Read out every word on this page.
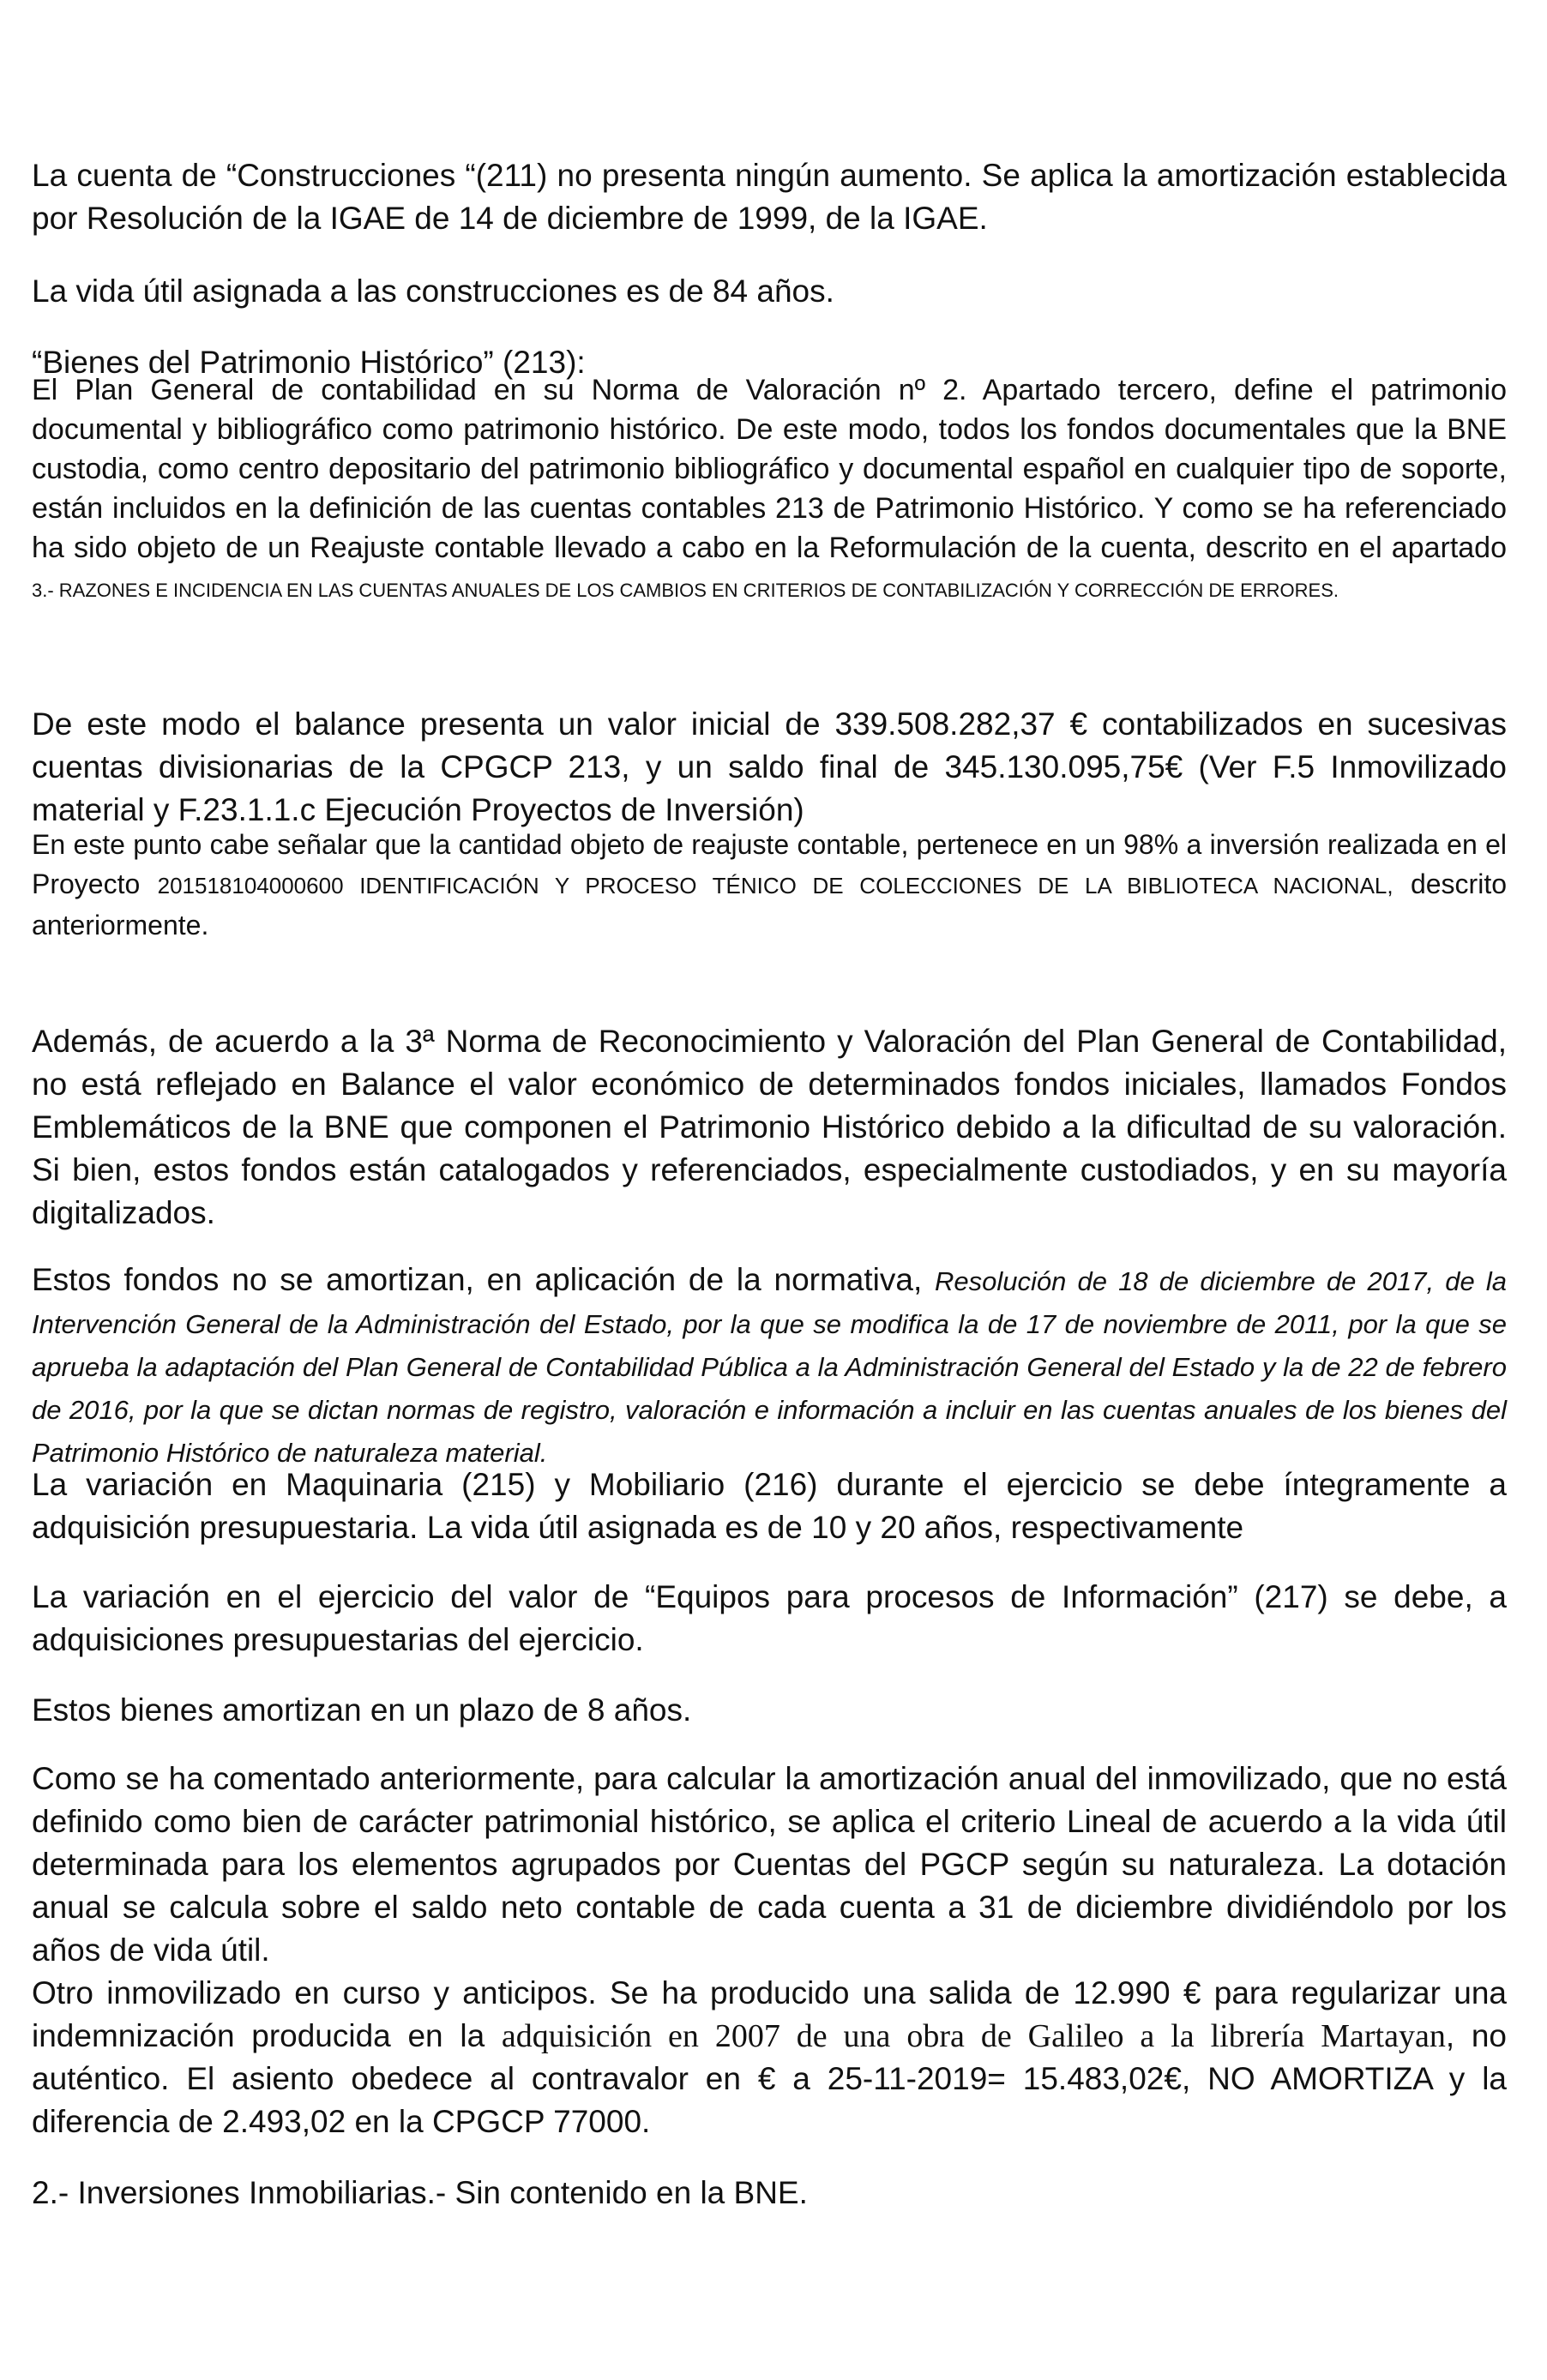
La cuenta de “Construcciones “(211) no presenta ningún aumento. Se aplica la amortización establecida por Resolución de la IGAE de 14 de diciembre de 1999, de la IGAE.

La vida útil asignada a las construcciones es de 84 años.

“Bienes del Patrimonio Histórico” (213):

El Plan General de contabilidad en su Norma de Valoración nº 2. Apartado tercero, define el patrimonio documental y bibliográfico como patrimonio histórico. De este modo, todos los fondos documentales que la BNE custodia, como centro depositario del patrimonio bibliográfico y documental español en cualquier tipo de soporte, están incluidos en la definición de las cuentas contables 213 de Patrimonio Histórico. Y como se ha referenciado ha sido objeto de un Reajuste contable llevado a cabo en la Reformulación de la cuenta, descrito en el apartado 3.- RAZONES E INCIDENCIA EN LAS CUENTAS ANUALES DE LOS CAMBIOS EN CRITERIOS DE CONTABILIZACIÓN Y CORRECCIÓN DE ERRORES.

De este modo el balance presenta un valor inicial de 339.508.282,37 € contabilizados en sucesivas cuentas divisionarias de la CPGCP 213, y un saldo final de 345.130.095,75€ (Ver F.5 Inmovilizado material y F.23.1.1.c Ejecución Proyectos de Inversión)

En este punto cabe señalar que la cantidad objeto de reajuste contable, pertenece en un 98% a inversión realizada en el Proyecto 201518104000600 IDENTIFICACIÓN Y PROCESO TÉNICO DE COLECCIONES DE LA BIBLIOTECA NACIONAL, descrito anteriormente.

Además, de acuerdo a la 3ª Norma de Reconocimiento y Valoración del Plan General de Contabilidad, no está reflejado en Balance el valor económico de determinados fondos iniciales, llamados Fondos Emblemáticos de la BNE que componen el Patrimonio Histórico debido a la dificultad de su valoración. Si bien, estos fondos están catalogados y referenciados, especialmente custodiados, y en su mayoría digitalizados.

Estos fondos no se amortizan, en aplicación de la normativa, Resolución de 18 de diciembre de 2017, de la Intervención General de la Administración del Estado, por la que se modifica la de 17 de noviembre de 2011, por la que se aprueba la adaptación del Plan General de Contabilidad Pública a la Administración General del Estado y la de 22 de febrero de 2016, por la que se dictan normas de registro, valoración e información a incluir en las cuentas anuales de los bienes del Patrimonio Histórico de naturaleza material.

La variación en Maquinaria (215) y Mobiliario (216) durante el ejercicio se debe íntegramente a adquisición presupuestaria. La vida útil asignada es de 10 y 20 años, respectivamente

La variación en el ejercicio del valor de “Equipos para procesos de Información” (217) se debe, a adquisiciones presupuestarias del ejercicio.

Estos bienes amortizan en un plazo de 8 años.

Como se ha comentado anteriormente, para calcular la amortización anual del inmovilizado, que no está definido como bien de carácter patrimonial histórico, se aplica el criterio Lineal de acuerdo a la vida útil determinada para los elementos agrupados por Cuentas del PGCP según su naturaleza. La dotación anual se calcula sobre el saldo neto contable de cada cuenta a 31 de diciembre dividiéndolo por los años de vida útil.

Otro inmovilizado en curso y anticipos. Se ha producido una salida de 12.990 € para regularizar una indemnización producida en la adquisición en 2007 de una obra de Galileo a la librería Martayan, no auténtico. El asiento obedece al contravalor en € a 25-11-2019= 15.483,02€, NO AMORTIZA y la diferencia de 2.493,02 en la CPGCP 77000.

2.- Inversiones Inmobiliarias.- Sin contenido en la BNE.
